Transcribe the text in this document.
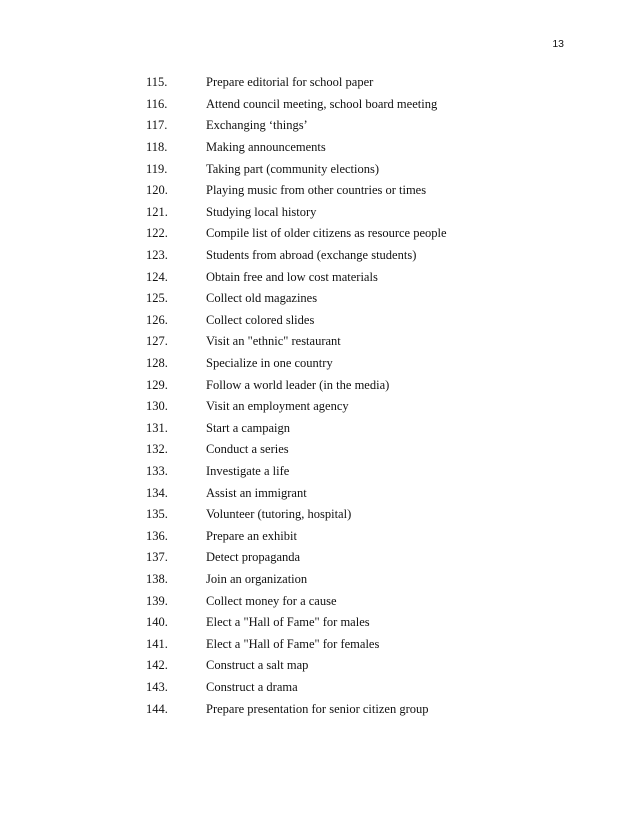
13

115.	Prepare editorial for school paper
116.	Attend council meeting, school board meeting
117.	Exchanging ‘things’
118.	Making announcements
119.	Taking part (community elections)
120.	Playing music from other countries or times
121.	Studying local history
122.	Compile list of older citizens as resource people
123.	Students from abroad (exchange students)
124.	Obtain free and low cost materials
125.	Collect old magazines
126.	Collect colored slides
127.	Visit an "ethnic" restaurant
128.	Specialize in one country
129.	Follow a world leader (in the media)
130.	Visit an employment agency
131.	Start a campaign
132.	Conduct a series
133.	Investigate a life
134.	Assist an immigrant
135.	Volunteer (tutoring, hospital)
136.	Prepare an exhibit
137.	Detect propaganda
138.	Join an organization
139.	Collect money for a cause
140.	Elect a "Hall of Fame" for males
141.	Elect a "Hall of Fame" for females
142.	Construct a salt map
143.	Construct a drama
144.	Prepare presentation for senior citizen group
